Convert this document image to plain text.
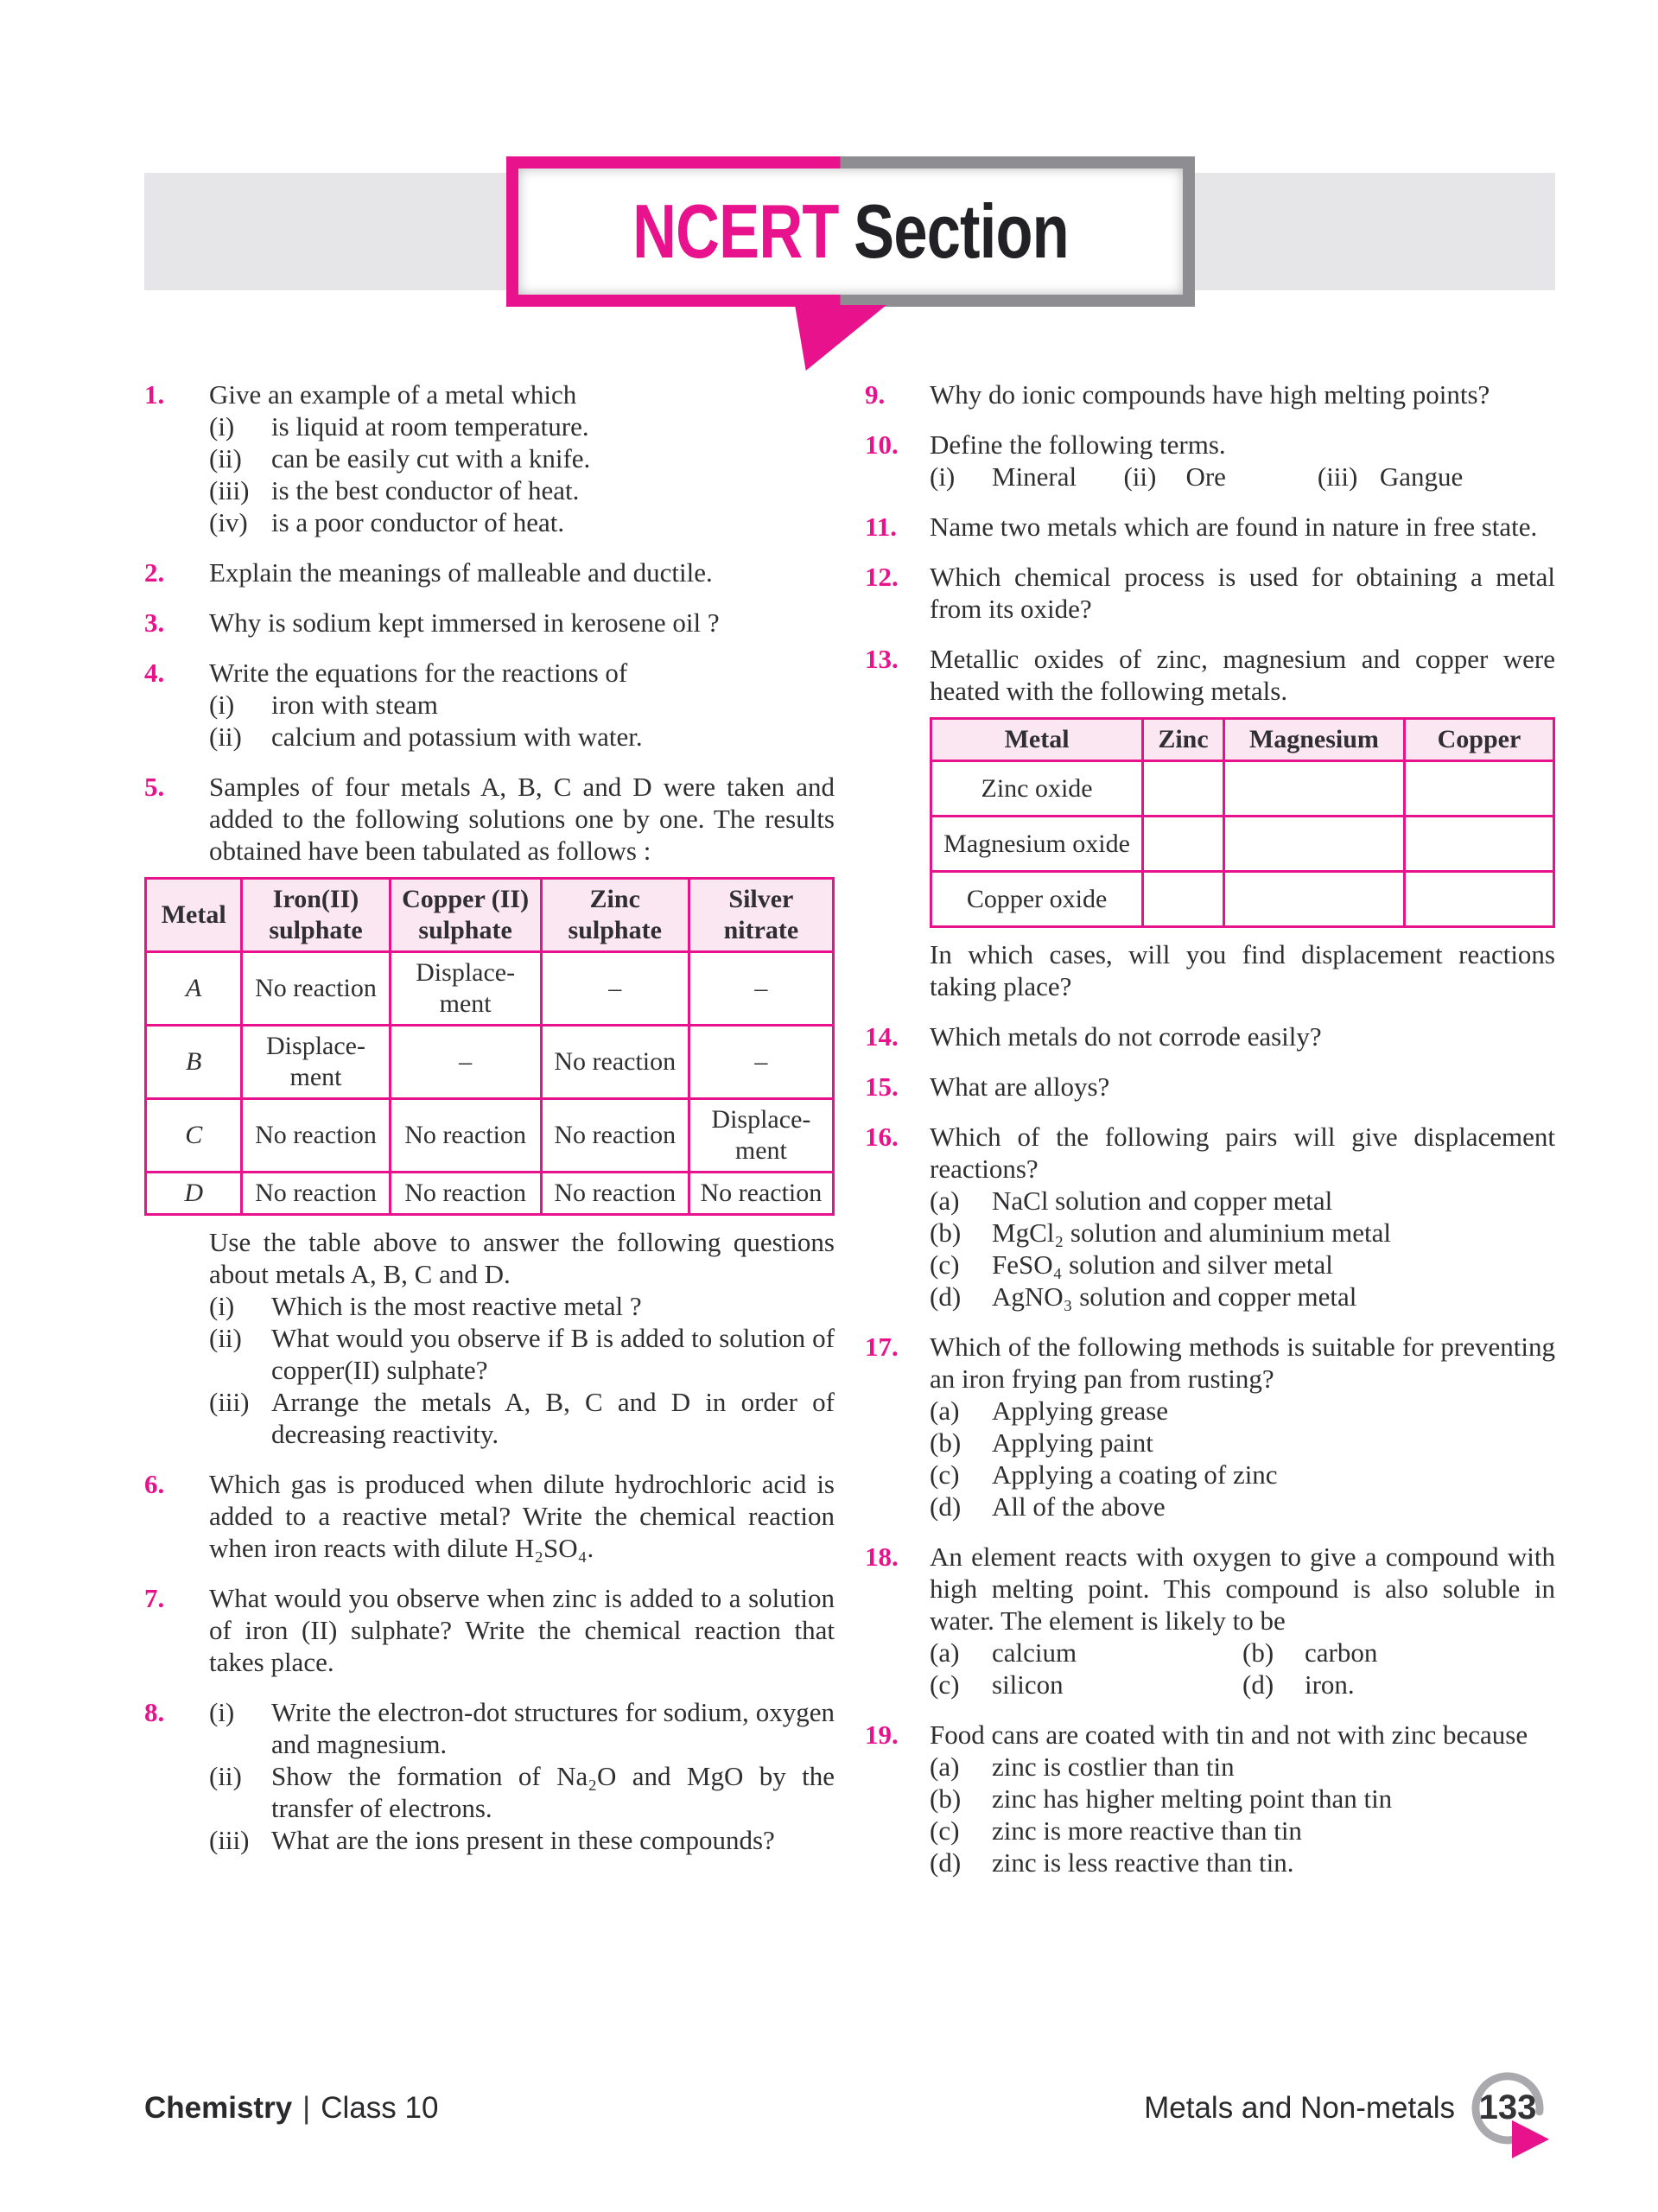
NCERT Section
1.	Give an example of a metal which

(i)	is liquid at room temperature.
(ii)	can be easily cut with a knife.
(iii) is the best conductor of heat.
(iv) is a poor conductor of heat.
2.	Explain the meanings of malleable and ductile.

3.	Why is sodium kept immersed in kerosene oil ?

4.	Write the equations for the reactions of

(i)	iron with steam
(ii)	calcium and potassium with water.
5.	Samples of four metals A, B, C and D were taken and added to the following solutions one by one. The results obtained have been tabulated as follows :

Metal	Iron(II) sulphate	Copper (II) sulphate	Zinc sulphate	Silver nitrate
A	No reaction	Displace- ment	–	–
B	Displace- ment	–	No reaction	–
C	No reaction	No reaction	No reaction	Displace- ment
D	No reaction	No reaction	No reaction	No reaction

Use the table above to answer the following questions about metals A, B, C and D.

(i)	Which is the most reactive metal ?
(ii)	What would you observe if B is added to solution of copper(II) sulphate?
(iii) Arrange the metals A, B, C and D in order of decreasing reactivity.
6.	Which gas is produced when dilute hydrochloric acid is added to a reactive metal? Write the chemical reaction when iron reacts with dilute H₂SO₄.

7.	What would you observe when zinc is added to a solution of iron (II) sulphate? Write the chemical reaction that takes place.

8.	(i)	Write the electron-dot structures for sodium, oxygen and magnesium.
(ii)	Show the formation of Na₂O and MgO by the transfer of electrons.
(iii) What are the ions present in these compounds?
9.	Why do ionic compounds have high melting points?

10.	Define the following terms.

(i)	Mineral	(ii)	Ore	(iii) Gangue
11.	Name two metals which are found in nature in free state.

12.	Which chemical process is used for obtaining a metal from its oxide?

13.	Metallic oxides of zinc, magnesium and copper were heated with the following metals.

Metal	Zinc	Magnesium	Copper
Zinc oxide			
Magnesium oxide			
Copper oxide			

In which cases, will you find displacement reactions taking place?

14.	Which metals do not corrode easily?

15.	What are alloys?

16.	Which of the following pairs will give displacement reactions?

(a)	NaCl solution and copper metal
(b)	MgCl₂ solution and aluminium metal
(c)	FeSO₄ solution and silver metal
(d)	AgNO₃ solution and copper metal
17.	Which of the following methods is suitable for preventing an iron frying pan from rusting?

(a)	Applying grease
(b)	Applying paint
(c)	Applying a coating of zinc
(d)	All of the above
18.	An element reacts with oxygen to give a compound with high melting point. This compound is also soluble in water. The element is likely to be

(a)	calcium	(b)	carbon
(c)	silicon	(d)	iron.
19.	Food cans are coated with tin and not with zinc because

(a)	zinc is costlier than tin
(b)	zinc has higher melting point than tin
(c)	zinc is more reactive than tin
(d)	zinc is less reactive than tin.
Chemistry | Class 10	Metals and Non-metals 133
